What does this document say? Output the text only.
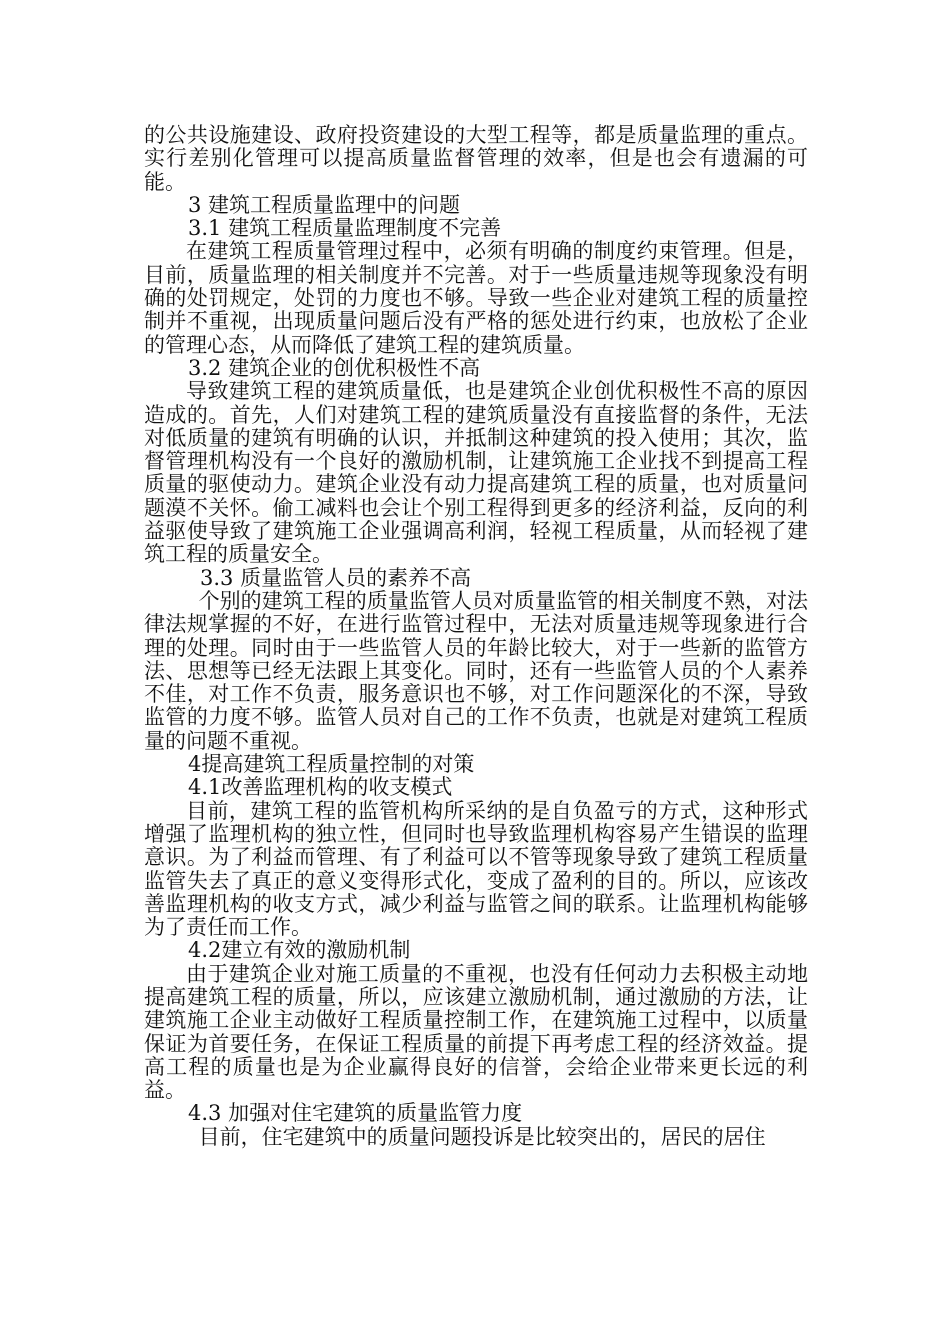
的公共设施建设、政府投资建设的大型工程等，都是质量监理的重点。实行差别化管理可以提高质量监督管理的效率，但是也会有遗漏的可能。

3 建筑工程质量监理中的问题

3.1 建筑工程质量监理制度不完善

在建筑工程质量管理过程中，必须有明确的制度约束管理。但是，目前，质量监理的相关制度并不完善。对于一些质量违规等现象没有明确的处罚规定，处罚的力度也不够。导致一些企业对建筑工程的质量控制并不重视，出现质量问题后没有严格的惩处进行约束，也放松了企业的管理心态，从而降低了建筑工程的建筑质量。

3.2 建筑企业的创优积极性不高

导致建筑工程的建筑质量低，也是建筑企业创优积极性不高的原因造成的。首先，人们对建筑工程的建筑质量没有直接监督的条件，无法对低质量的建筑有明确的认识，并抵制这种建筑的投入使用；其次，监督管理机构没有一个良好的激励机制，让建筑施工企业找不到提高工程质量的驱使动力。建筑企业没有动力提高建筑工程的质量，也对质量问题漠不关怀。偷工减料也会让个别工程得到更多的经济利益，反向的利益驱使导致了建筑施工企业强调高利润，轻视工程质量，从而轻视了建筑工程的质量安全。

3.3 质量监管人员的素养不高

个别的建筑工程的质量监管人员对质量监管的相关制度不熟，对法律法规掌握的不好，在进行监管过程中，无法对质量违规等现象进行合理的处理。同时由于一些监管人员的年龄比较大，对于一些新的监管方法、思想等已经无法跟上其变化。同时，还有一些监管人员的个人素养不佳，对工作不负责，服务意识也不够，对工作问题深化的不深，导致监管的力度不够。监管人员对自己的工作不负责，也就是对建筑工程质量的问题不重视。

4提高建筑工程质量控制的对策

4.1改善监理机构的收支模式

目前，建筑工程的监管机构所采纳的是自负盈亏的方式，这种形式增强了监理机构的独立性，但同时也导致监理机构容易产生错误的监理意识。为了利益而管理、有了利益可以不管等现象导致了建筑工程质量监管失去了真正的意义变得形式化，变成了盈利的目的。所以，应该改善监理机构的收支方式，减少利益与监管之间的联系。让监理机构能够为了责任而工作。

4.2建立有效的激励机制

由于建筑企业对施工质量的不重视，也没有任何动力去积极主动地提高建筑工程的质量，所以，应该建立激励机制，通过激励的方法，让建筑施工企业主动做好工程质量控制工作，在建筑施工过程中，以质量保证为首要任务，在保证工程质量的前提下再考虑工程的经济效益。提高工程的质量也是为企业赢得良好的信誉，会给企业带来更长远的利益。

4.3 加强对住宅建筑的质量监管力度

目前，住宅建筑中的质量问题投诉是比较突出的，居民的居住
